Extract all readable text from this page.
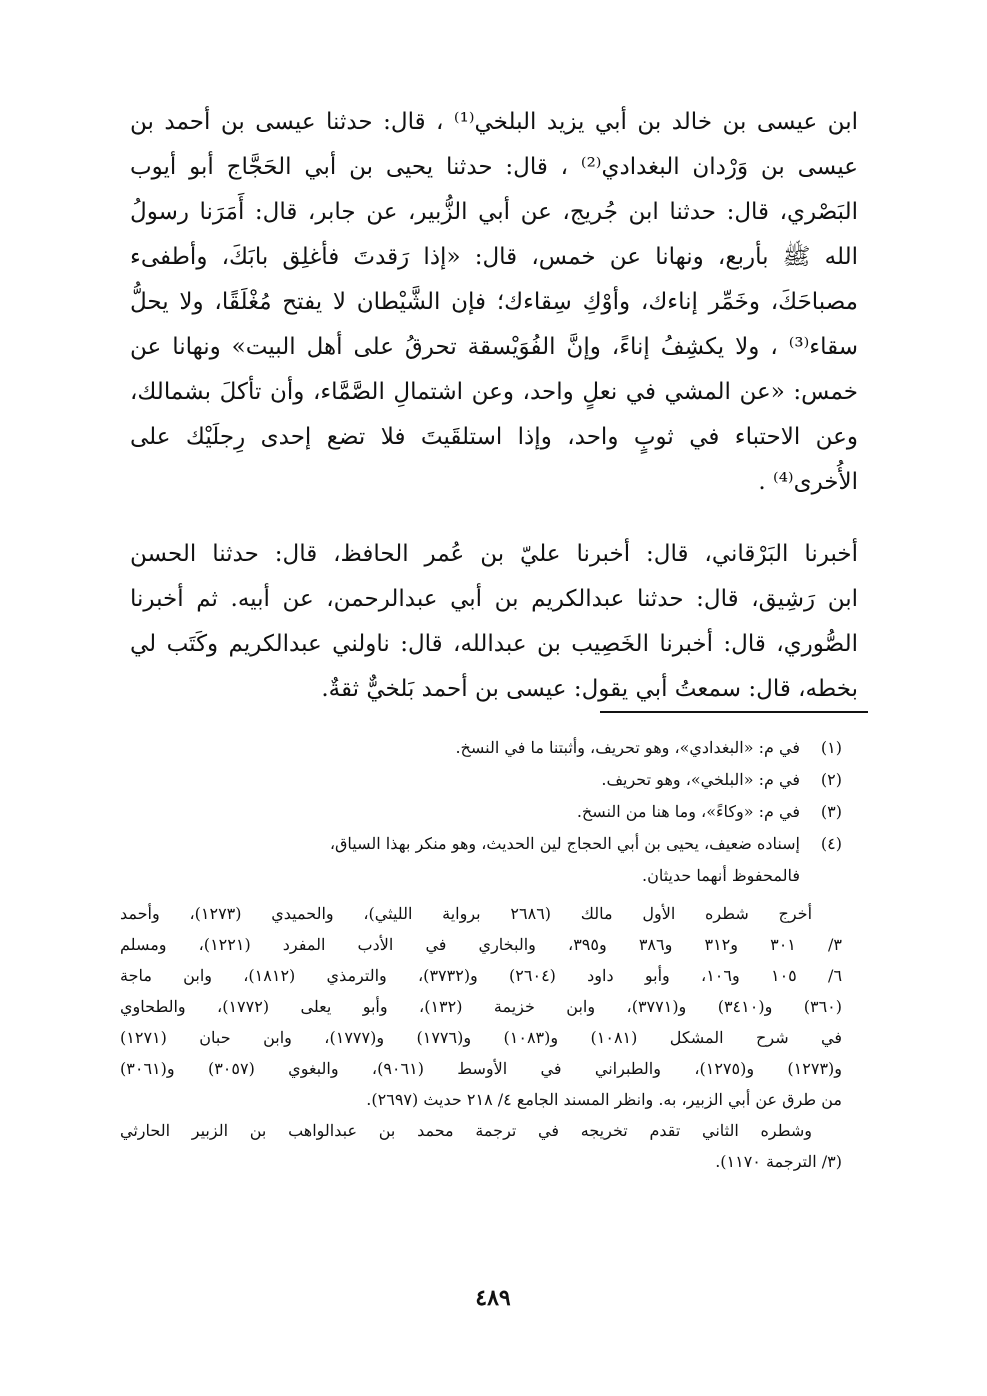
ابن عيسى بن خالد بن أبي يزيد البلخي⁽¹⁾ ، قال: حدثنا عيسى بن أحمد بن
عيسى بن وَرْدان البغدادي⁽²⁾ ، قال: حدثنا يحيى بن أبي الحَجَّاج أبو أيوب
البَصْري، قال: حدثنا ابن جُريج، عن أبي الزُّبير، عن جابر، قال: أَمَرَنا رسولُ
الله ﷺ بأربع، ونهانا عن خمس، قال: «إذا رَقدتَ فأغلِق بابَكَ، وأطفىء
مصباحَكَ، وخَمِّر إناءك، وأوْكِ سِقاءك؛ فإن الشَّيْطان لا يفتح مُغْلَقًا، ولا يحلُّ
سقاء⁽³⁾ ، ولا يكشِفُ إناءً، وإنَّ الفُوَيْسقة تحرقُ على أهل البيت» ونهانا عن
خمس: «عن المشي في نعلٍ واحد، وعن اشتمالِ الصَّمَّاء، وأن تأكلَ بشمالك،
وعن الاحتباء في ثوبٍ واحد، وإذا استلقَيتَ فلا تضع إحدى رِجلَيْك على
الأُخرى⁽⁴⁾ .
أخبرنا البَرْقاني، قال: أخبرنا عليّ بن عُمر الحافظ، قال: حدثنا الحسن
ابن رَشِيق، قال: حدثنا عبدالكريم بن أبي عبدالرحمن، عن أبيه. ثم أخبرنا
الصُّوري، قال: أخبرنا الخَصِيب بن عبدالله، قال: ناولني عبدالكريم وكَتَب لي
بخطه، قال: سمعتُ أبي يقول: عيسى بن أحمد بَلخيٌّ ثقةٌ.
(١)
في م: «البغدادي»، وهو تحريف، وأثبتنا ما في النسخ.
(٢)
في م: «البلخي»، وهو تحريف.
(٣)
في م: «وكاءً»، وما هنا من النسخ.
(٤)
إسناده ضعيف، يحيى بن أبي الحجاج لين الحديث، وهو منكر بهذا السياق،
فالمحفوظ أنهما حديثان.
أخرج شطره الأول مالك (٢٦٨٦ برواية الليثي)، والحميدي (١٢٧٣)، وأحمد
٣/ ٣٠١ و٣١٢ و٣٨٦ و٣٩٥، والبخاري في الأدب المفرد (١٢٢١)، ومسلم
٦/ ١٠٥ و١٠٦، وأبو داود (٢٦٠٤) و(٣٧٣٢)، والترمذي (١٨١٢)، وابن ماجة
(٣٦٠) و(٣٤١٠) و(٣٧٧١)، وابن خزيمة (١٣٢)، وأبو يعلى (١٧٧٢)، والطحاوي
في شرح المشكل (١٠٨١) و(١٠٨٣) و(١٧٧٦) و(١٧٧٧)، وابن حبان (١٢٧١)
و(١٢٧٣) و(١٢٧٥)، والطبراني في الأوسط (٩٠٦١)، والبغوي (٣٠٥٧) و(٣٠٦١)
من طرق عن أبي الزبير، به. وانظر المسند الجامع ٤/ ٢١٨ حديث (٢٦٩٧).
وشطره الثاني تقدم تخريجه في ترجمة محمد بن عبدالواهب بن الزبير الحارثي
(٣/ الترجمة ١١٧٠).
٤٨٩
